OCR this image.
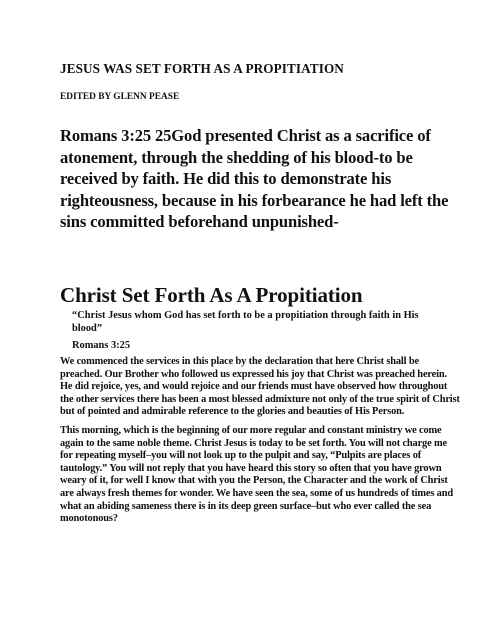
JESUS WAS SET FORTH AS A PROPITIATION
EDITED BY GLENN PEASE

Romans 3:25 25God presented Christ as a sacrifice of atonement, through the shedding of his blood-to be received by faith. He did this to demonstrate his righteousness, because in his forbearance he had left the sins committed beforehand unpunished-

Christ Set Forth As A Propitiation

“Christ Jesus whom God has set forth to be a propitiation through faith in His blood”

Romans 3:25

We commenced the services in this place by the declaration that here Christ shall be preached. Our Brother who followed us expressed his joy that Christ was preached herein. He did rejoice, yes, and would rejoice and our friends must have observed how throughout the other services there has been a most blessed admixture not only of the true spirit of Christ but of pointed and admirable reference to the glories and beauties of His Person.

This morning, which is the beginning of our more regular and constant ministry we come again to the same noble theme. Christ Jesus is today to be set forth. You will not charge me for repeating myself–you will not look up to the pulpit and say, “Pulpits are places of tautology.” You will not reply that you have heard this story so often that you have grown weary of it, for well I know that with you the Person, the Character and the work of Christ are always fresh themes for wonder. We have seen the sea, some of us hundreds of times and what an abiding sameness there is in its deep green surface–but who ever called the sea monotonous?
